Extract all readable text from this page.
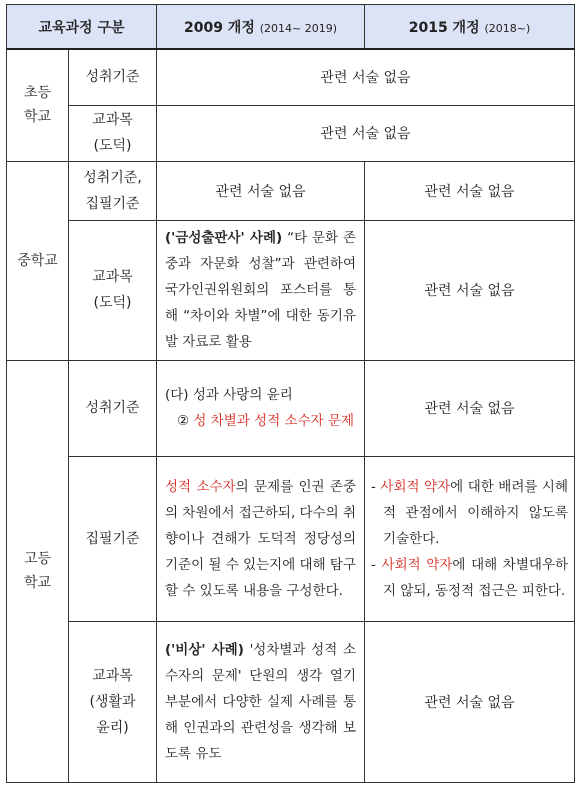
교육과정 구분		2009 개정 (2014~ 2019)	2015 개정 (2018~)

초등 학교	성취기준	관련 서술 없음	

	교과목 (도덕)	관련 서술 없음	
중학교	성취기준, 집필기준	관련 서술 없음	관련 서술 없음

	교과목 (도덕)	('금성출판사' 사례) “타 문화 존중과 자문화 성찰”과 관련하여 국가인권위원회의 포스터를 통해 “차이와 차별”에 대한 동기유발 자료로 활용	관련 서술 없음

고등 학교	성취기준	(다) 성과 사랑의 윤리
② 성 차별과 성적 소수자 문제	관련 서술 없음
	집필기준	성적 소수자의 문제를 인권 존중의 차원에서 접근하되, 다수의 취향이나 견해가 도덕적 정당성의 기준이 될 수 있는지에 대해 탐구할 수 있도록 내용을 구성한다.	- 사회적 약자에 대한 배려를 시혜적 관점에서 이해하지 않도록 기술한다.
- 사회적 약자에 대해 차별대우하지 않되, 동정적 접근은 피한다.

	교과목 (생활과 윤리)	('비상' 사례) '성차별과 성적 소수자의 문제' 단원의 생각 열기 부분에서 다양한 실제 사례를 통해 인권과의 관련성을 생각해 보도록 유도	관련 서술 없음
